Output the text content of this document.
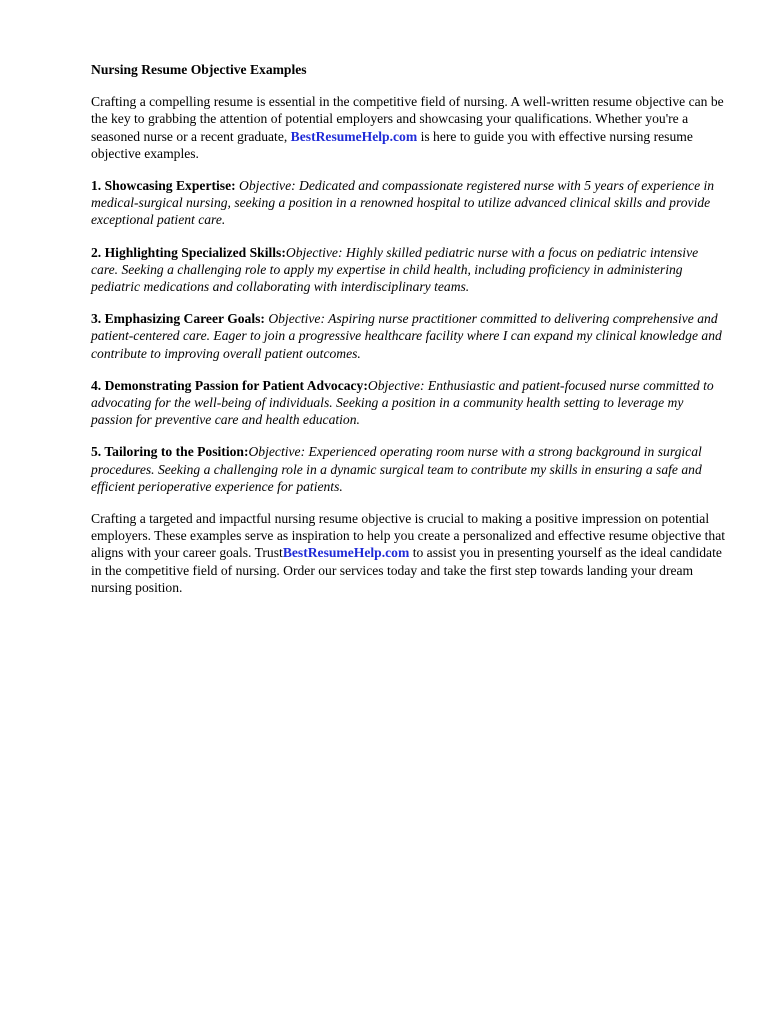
Nursing Resume Objective Examples

Crafting a compelling resume is essential in the competitive field of nursing. A well-written resume objective can be the key to grabbing the attention of potential employers and showcasing your qualifications. Whether you're a seasoned nurse or a recent graduate, BestResumeHelp.com is here to guide you with effective nursing resume objective examples.

1. Showcasing Expertise: Objective: Dedicated and compassionate registered nurse with 5 years of experience in medical-surgical nursing, seeking a position in a renowned hospital to utilize advanced clinical skills and provide exceptional patient care.
2. Highlighting Specialized Skills:Objective: Highly skilled pediatric nurse with a focus on pediatric intensive care. Seeking a challenging role to apply my expertise in child health, including proficiency in administering pediatric medications and collaborating with interdisciplinary teams.
3. Emphasizing Career Goals: Objective: Aspiring nurse practitioner committed to delivering comprehensive and patient-centered care. Eager to join a progressive healthcare facility where I can expand my clinical knowledge and contribute to improving overall patient outcomes.
4. Demonstrating Passion for Patient Advocacy:Objective: Enthusiastic and patient-focused nurse committed to advocating for the well-being of individuals. Seeking a position in a community health setting to leverage my passion for preventive care and health education.
5. Tailoring to the Position:Objective: Experienced operating room nurse with a strong background in surgical procedures. Seeking a challenging role in a dynamic surgical team to contribute my skills in ensuring a safe and efficient perioperative experience for patients.

Crafting a targeted and impactful nursing resume objective is crucial to making a positive impression on potential employers. These examples serve as inspiration to help you create a personalized and effective resume objective that aligns with your career goals. TrustBestResumeHelp.com to assist you in presenting yourself as the ideal candidate in the competitive field of nursing. Order our services today and take the first step towards landing your dream nursing position.
